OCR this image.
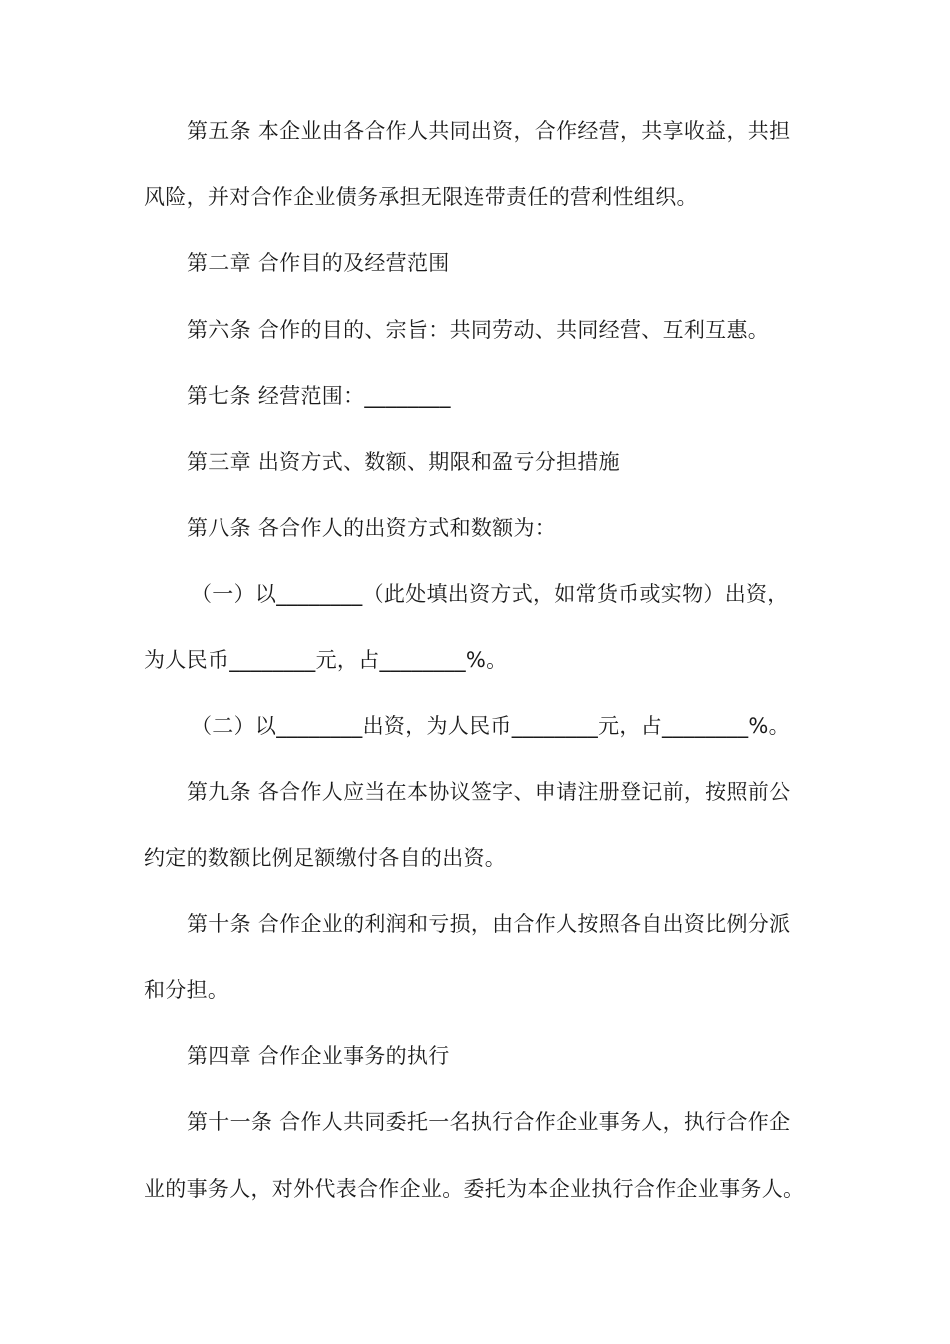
第五条 本企业由各合作人共同出资，合作经营，共享收益，共担
风险，并对合作企业债务承担无限连带责任的营利性组织。
第二章 合作目的及经营范围
第六条 合作的目的、宗旨：共同劳动、共同经营、互利互惠。
第七条 经营范围：________
第三章 出资方式、数额、期限和盈亏分担措施
第八条 各合作人的出资方式和数额为：
（一）以________（此处填出资方式，如常货币或实物）出资，
为人民币________元，占________%。
（二）以________出资，为人民币________元，占________%。
第九条 各合作人应当在本协议签字、申请注册登记前，按照前公
约定的数额比例足额缴付各自的出资。
第十条 合作企业的利润和亏损，由合作人按照各自出资比例分派
和分担。
第四章 合作企业事务的执行
第十一条 合作人共同委托一名执行合作企业事务人，执行合作企
业的事务人，对外代表合作企业。委托为本企业执行合作企业事务人。
